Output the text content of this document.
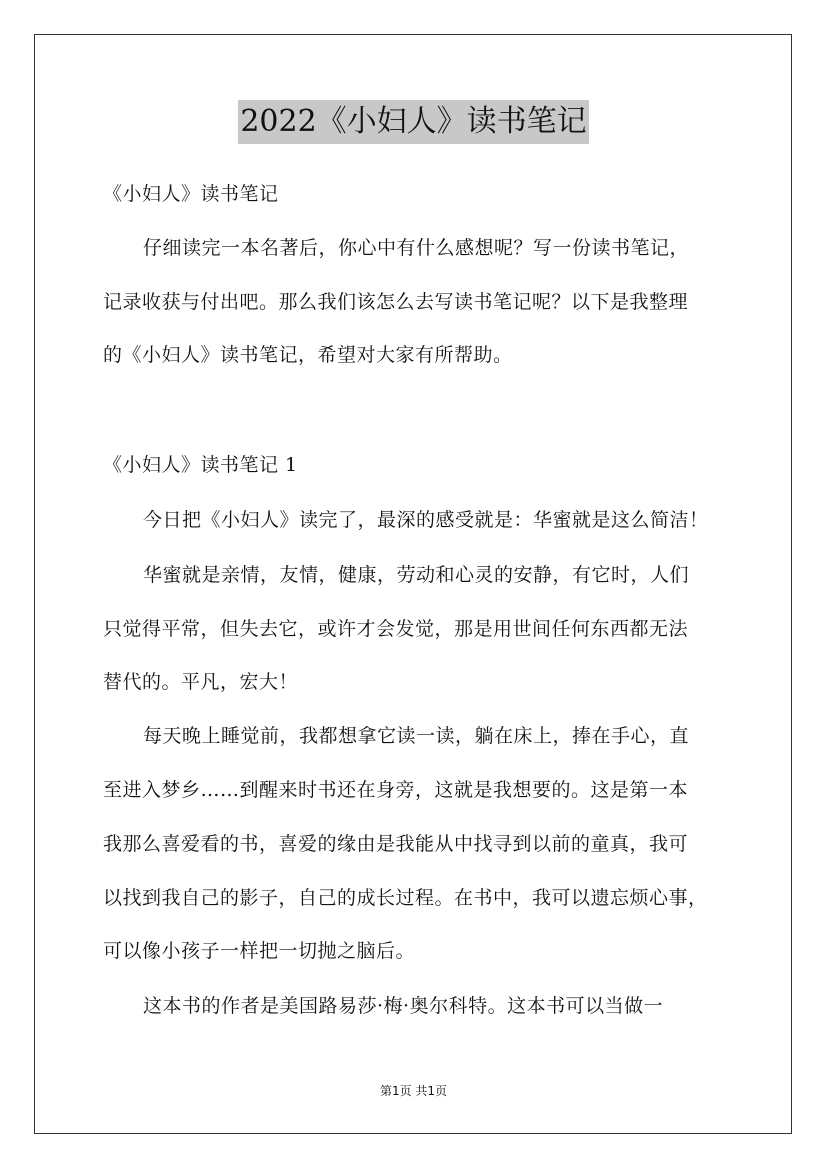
2022《小妇人》读书笔记
《小妇人》读书笔记
仔细读完一本名著后，你心中有什么感想呢？写一份读书笔记，
记录收获与付出吧。那么我们该怎么去写读书笔记呢？以下是我整理
的《小妇人》读书笔记，希望对大家有所帮助。
《小妇人》读书笔记 1
今日把《小妇人》读完了，最深的感受就是：华蜜就是这么简洁！
华蜜就是亲情，友情，健康，劳动和心灵的安静，有它时，人们
只觉得平常，但失去它，或许才会发觉，那是用世间任何东西都无法
替代的。平凡，宏大！
每天晚上睡觉前，我都想拿它读一读，躺在床上，捧在手心，直
至进入梦乡……到醒来时书还在身旁，这就是我想要的。这是第一本
我那么喜爱看的书，喜爱的缘由是我能从中找寻到以前的童真，我可
以找到我自己的影子，自己的成长过程。在书中，我可以遗忘烦心事，
可以像小孩子一样把一切抛之脑后。
这本书的作者是美国路易莎·梅·奥尔科特。这本书可以当做一
第1页 共1页
